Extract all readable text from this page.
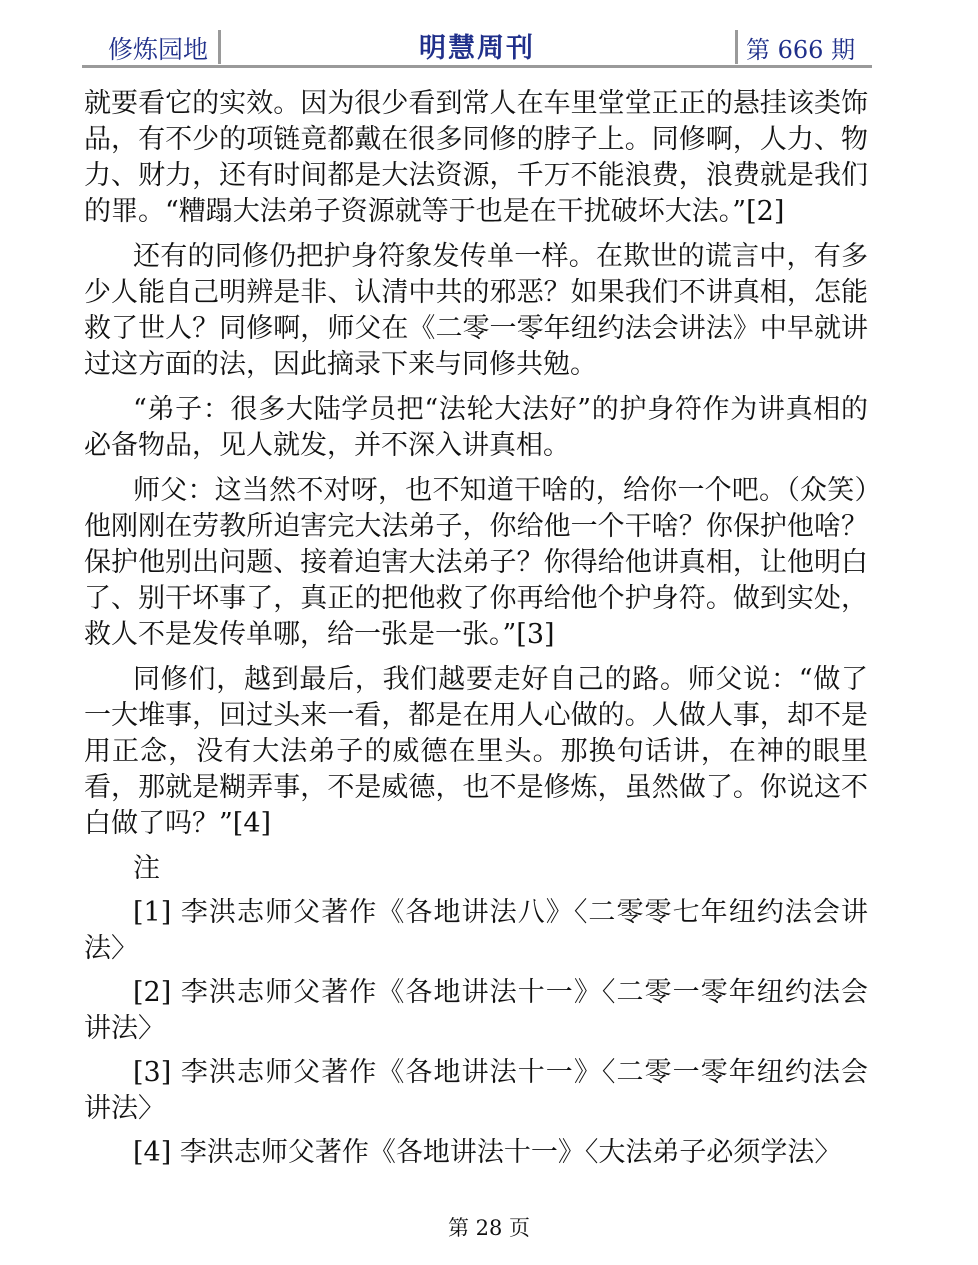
修炼园地	明慧周刊	第 666 期

就要看它的实效。因为很少看到常人在车里堂堂正正的悬挂该类饰品，有不少的项链竟都戴在很多同修的脖子上。同修啊，人力、物力、财力，还有时间都是大法资源，千万不能浪费，浪费就是我们的罪。“糟蹋大法弟子资源就等于也是在干扰破坏大法。”[2]

还有的同修仍把护身符象发传单一样。在欺世的谎言中，有多少人能自己明辨是非、认清中共的邪恶？如果我们不讲真相，怎能救了世人？同修啊，师父在《二零一零年纽约法会讲法》中早就讲过这方面的法，因此摘录下来与同修共勉。

“弟子：很多大陆学员把“法轮大法好”的护身符作为讲真相的必备物品，见人就发，并不深入讲真相。

师父：这当然不对呀，也不知道干啥的，给你一个吧。（众笑）他刚刚在劳教所迫害完大法弟子，你给他一个干啥？你保护他啥？保护他别出问题、接着迫害大法弟子？你得给他讲真相，让他明白了、别干坏事了，真正的把他救了你再给他个护身符。做到实处，救人不是发传单哪，给一张是一张。”[3]

同修们，越到最后，我们越要走好自己的路。师父说：“做了一大堆事，回过头来一看，都是在用人心做的。人做人事，却不是用正念，没有大法弟子的威德在里头。那换句话讲，在神的眼里看，那就是糊弄事，不是威德，也不是修炼，虽然做了。你说这不白做了吗？”[4]

注

[1] 李洪志师父著作《各地讲法八》〈二零零七年纽约法会讲法〉

[2] 李洪志师父著作《各地讲法十一》〈二零一零年纽约法会讲法〉

[3] 李洪志师父著作《各地讲法十一》〈二零一零年纽约法会讲法〉

[4] 李洪志师父著作《各地讲法十一》〈大法弟子必须学法〉

第 28 页
